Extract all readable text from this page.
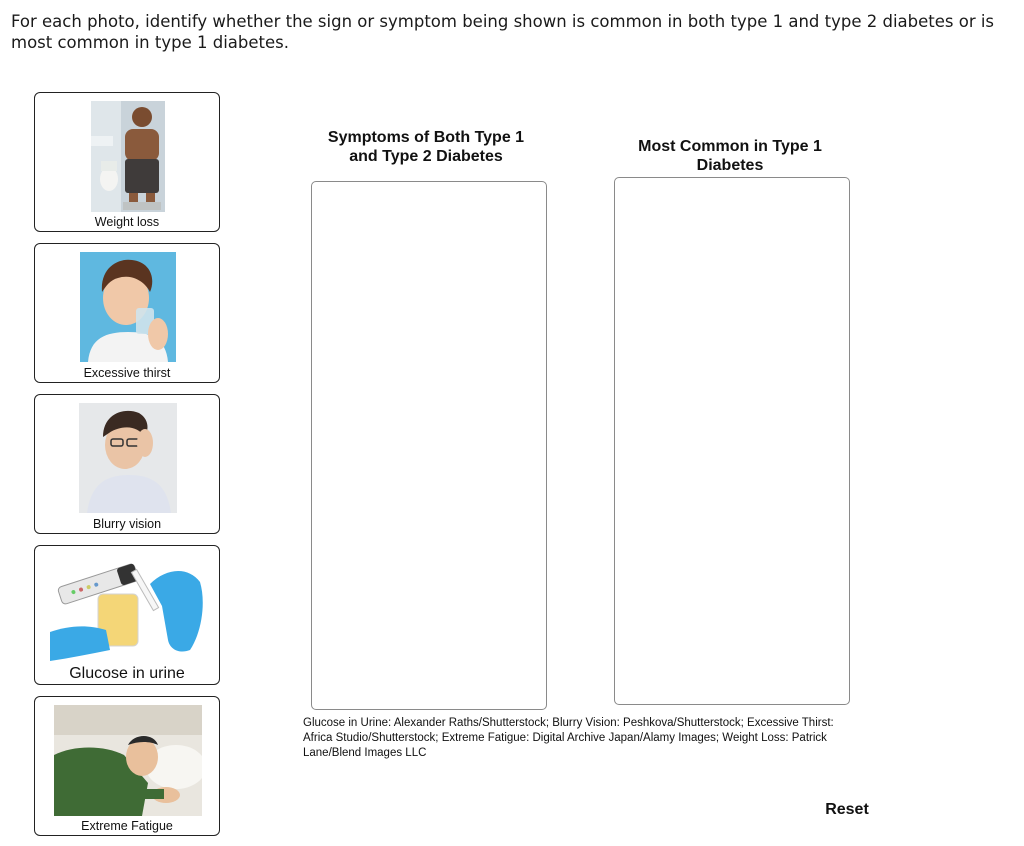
For each photo, identify whether the sign or symptom being shown is common in both type 1 and type 2 diabetes or is most common in type 1 diabetes.
Weight loss
Excessive thirst
Blurry vision
Glucose in urine
Extreme Fatigue
Symptoms of Both Type 1
and Type 2 Diabetes
Most Common in Type 1
Diabetes
Glucose in Urine: Alexander Raths/Shutterstock; Blurry Vision: Peshkova/Shutterstock; Excessive Thirst: Africa Studio/Shutterstock; Extreme Fatigue: Digital Archive Japan/Alamy Images; Weight Loss: Patrick Lane/Blend Images LLC
Reset
